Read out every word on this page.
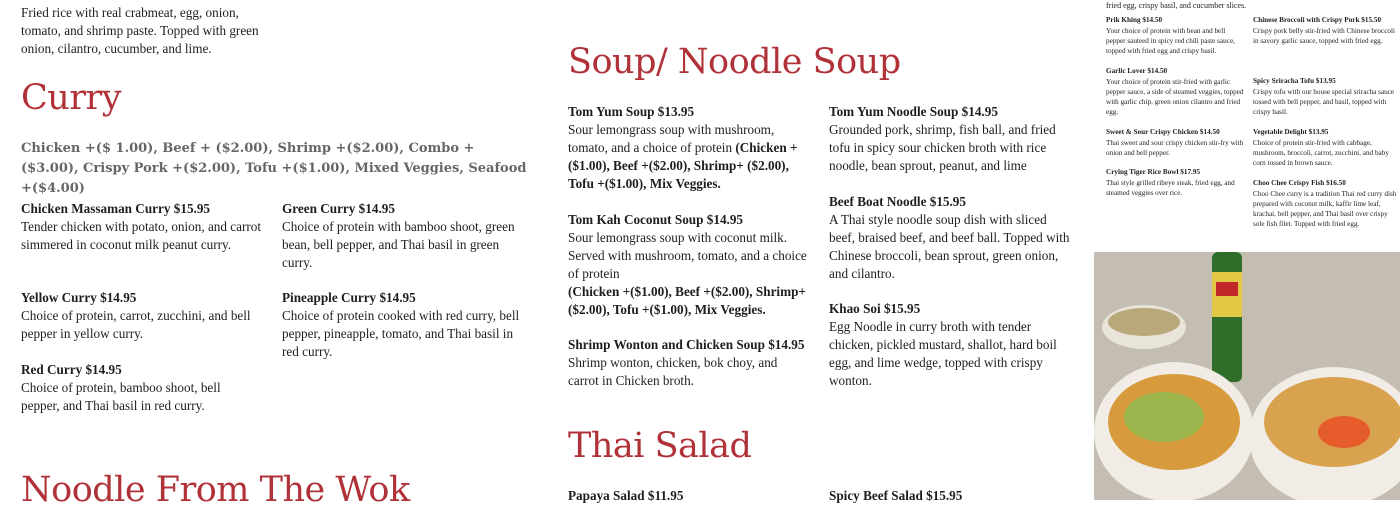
Fried rice with real crabmeat, egg, onion, tomato, and shrimp paste. Topped with green onion, cilantro, cucumber, and lime.
Curry
Chicken +($ 1.00), Beef + ($2.00), Shrimp +($2.00), Combo +($3.00), Crispy Pork +($2.00), Tofu +($1.00), Mixed Veggies, Seafood +($4.00)
Chicken Massaman Curry $15.95
Tender chicken with potato, onion, and carrot simmered in coconut milk peanut curry.
Green Curry $14.95
Choice of protein with bamboo shoot, green bean, bell pepper, and Thai basil in green curry.
Yellow Curry $14.95
Choice of protein, carrot, zucchini, and bell pepper in yellow curry.
Pineapple Curry $14.95
Choice of protein cooked with red curry, bell pepper, pineapple, tomato, and Thai basil in red curry.
Red Curry $14.95
Choice of protein, bamboo shoot, bell pepper, and Thai basil in red curry.
Noodle From The Wok
Soup/ Noodle Soup
Tom Yum Soup $13.95
Sour lemongrass soup with mushroom, tomato, and a choice of protein (Chicken +($1.00), Beef +($2.00), Shrimp+ ($2.00), Tofu +($1.00), Mix Veggies.
Tom Yum Noodle Soup $14.95
Grounded pork, shrimp, fish ball, and fried tofu in spicy sour chicken broth with rice noodle, bean sprout, peanut, and lime
Tom Kah Coconut Soup $14.95
Sour lemongrass soup with coconut milk. Served with mushroom, tomato, and a choice of protein
(Chicken +($1.00), Beef +($2.00), Shrimp+ ($2.00), Tofu +($1.00), Mix Veggies.
Beef Boat Noodle $15.95
A Thai style noodle soup dish with sliced beef, braised beef, and beef ball. Topped with Chinese broccoli, bean sprout, green onion, and cilantro.
Khao Soi $15.95
Egg Noodle in curry broth with tender chicken, pickled mustard, shallot, hard boil egg, and lime wedge, topped with crispy wonton.
Shrimp Wonton and Chicken Soup $14.95
Shrimp wonton, chicken, bok choy, and carrot in Chicken broth.
Thai Salad
Papaya Salad $11.95	Spicy Beef Salad $15.95
fried egg, crispy basil, and cucumber slices.
Prik Khing $14.50
Your choice of protein with bean and bell pepper sauteed in spicy red chili paste sauce, topped with fried egg and crispy basil.
Chinese Broccoli with Crispy Pork $15.50
Crispy pork belly stir-fried with Chinese broccoli in savory garlic sauce, topped with fried egg.
Garlic Lover $14.50
Your choice of protein stir-fried with garlic pepper sauce, a side of steamed veggies, topped with garlic chip, green onion cilantro and fried egg.
Spicy Sriracha Tofu $13.95
Crispy tofu with our house special sriracha sauce tossed with bell pepper, and basil, topped with crispy basil.
Sweet & Sour Crispy Chicken $14.50
Thai sweet and sour crispy chicken stir-fry with onion and bell pepper.
Vegetable Delight $13.95
Choice of protein stir-fried with cabbage, mushroom, broccoli, carrot, zucchini, and baby corn tossed in brown sauce.
Crying Tiger Rice Bowl $17.95
Thai style grilled ribeye steak, fried egg, and steamed veggies over rice.
Choo Chee Crispy Fish $16.50
Choo Chee curry is a tradition Thai red curry dish prepared with coconut milk, kaffir lime leaf, krachai, bell pepper, and Thai basil over crispy sole fish filet. Topped with fried egg.
